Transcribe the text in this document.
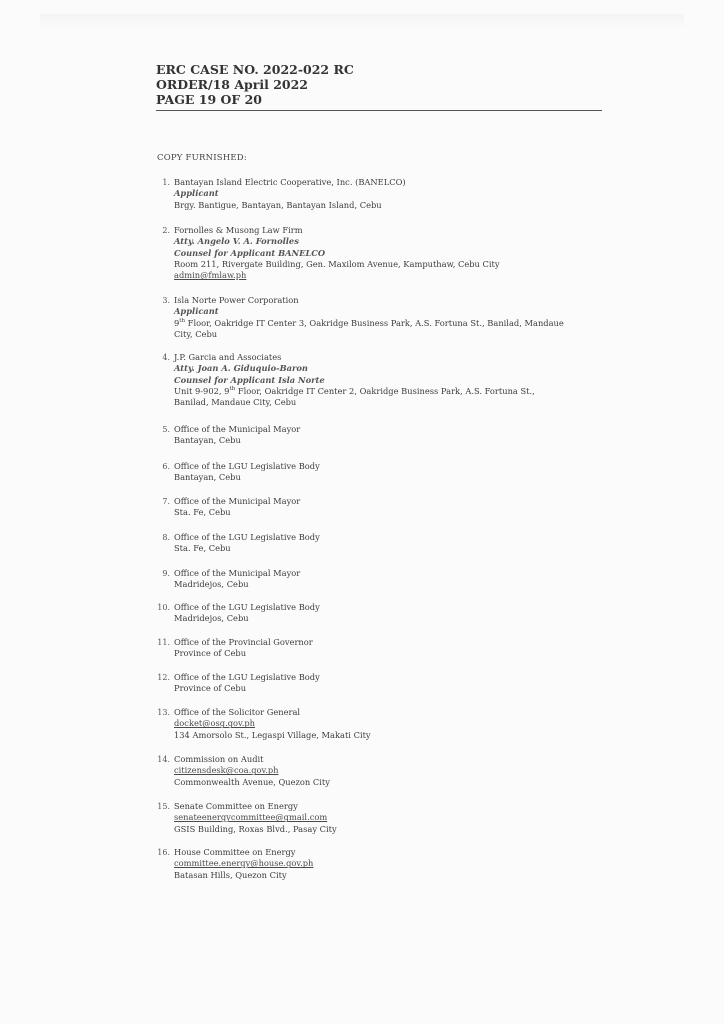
ERC CASE NO. 2022-022 RC
ORDER/18 April 2022
PAGE 19 OF 20
COPY FURNISHED:
1. Bantayan Island Electric Cooperative, Inc. (BANELCO)
Applicant
Brgy. Bantigue, Bantayan, Bantayan Island, Cebu
2. Fornolles & Musong Law Firm
Atty. Angelo V. A. Fornolles
Counsel for Applicant BANELCO
Room 211, Rivergate Building, Gen. Maxilom Avenue, Kamputhaw, Cebu City
admin@fmlaw.ph
3. Isla Norte Power Corporation
Applicant
9th Floor, Oakridge IT Center 3, Oakridge Business Park, A.S. Fortuna St., Banilad, Mandaue
City, Cebu
4. J.P. Garcia and Associates
Atty. Joan A. Giduquio-Baron
Counsel for Applicant Isla Norte
Unit 9-902, 9th Floor, Oakridge IT Center 2, Oakridge Business Park, A.S. Fortuna St.,
Banilad, Mandaue City, Cebu
5. Office of the Municipal Mayor
Bantayan, Cebu
6. Office of the LGU Legislative Body
Bantayan, Cebu
7. Office of the Municipal Mayor
Sta. Fe, Cebu
8. Office of the LGU Legislative Body
Sta. Fe, Cebu
9. Office of the Municipal Mayor
Madridejos, Cebu
10. Office of the LGU Legislative Body
Madridejos, Cebu
11. Office of the Provincial Governor
Province of Cebu
12. Office of the LGU Legislative Body
Province of Cebu
13. Office of the Solicitor General
docket@osg.gov.ph
134 Amorsolo St., Legaspi Village, Makati City
14. Commission on Audit
citizensdesk@coa.gov.ph
Commonwealth Avenue, Quezon City
15. Senate Committee on Energy
senateenergycommittee@gmail.com
GSIS Building, Roxas Blvd., Pasay City
16. House Committee on Energy
committee.energy@house.gov.ph
Batasan Hills, Quezon City
